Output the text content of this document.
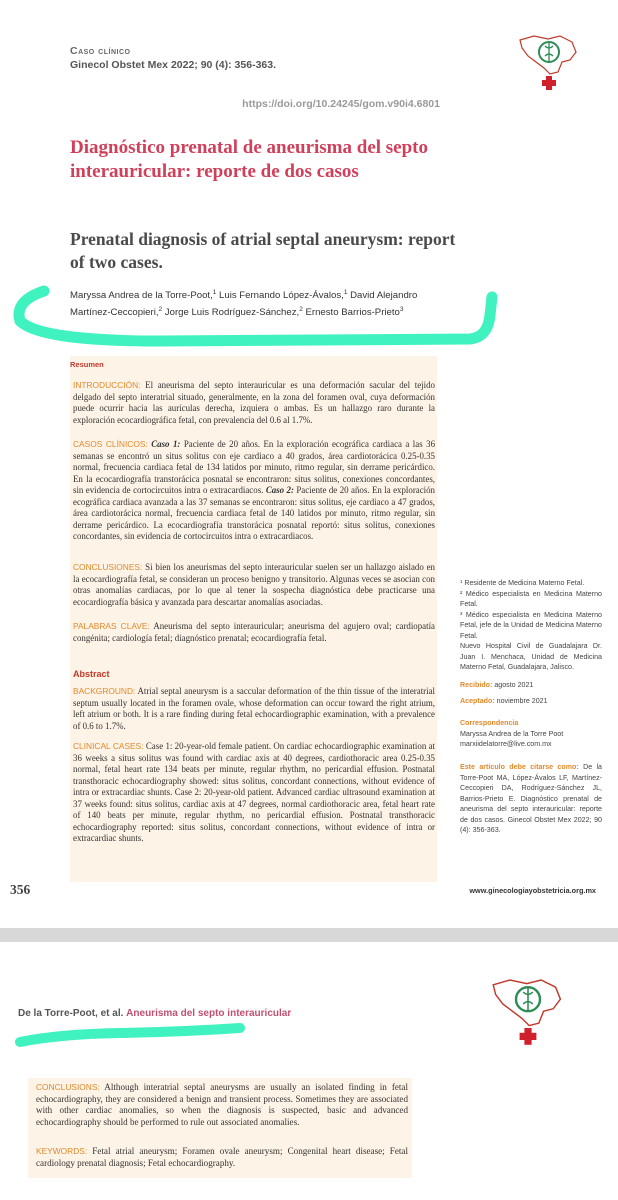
Caso clínico
Ginecol Obstet Mex 2022; 90 (4): 356-363.
https://doi.org/10.24245/gom.v90i4.6801
Diagnóstico prenatal de aneurisma del septo interauricular: reporte de dos casos
Prenatal diagnosis of atrial septal aneurysm: report of two cases.
Maryssa Andrea de la Torre-Poot,$^1$ Luis Fernando López-Ávalos,$^1$ David Alejandro Martínez-Ceccopieri,$^2$ Jorge Luis Rodríguez-Sánchez,$^2$ Ernesto Barrios-Prieto$^3$
Resumen

INTRODUCCIÓN: El aneurisma del septo interauricular es una deformación sacular del tejido delgado del septo interatrial situado, generalmente, en la zona del foramen oval, cuya deformación puede ocurrir hacia las aurículas derecha, izquiera o ambas. Es un hallazgo raro durante la exploración ecocardiográfica fetal, con prevalencia del 0.6 al 1.7%.

CASOS CLÍNICOS: Caso 1: Paciente de 20 años. En la exploración ecográfica cardiaca a las 36 semanas se encontró un situs solitus con eje cardiaco a 40 grados, área cardiotorácica 0.25-0.35 normal, frecuencia cardiaca fetal de 134 latidos por minuto, ritmo regular, sin derrame pericárdico. En la ecocardiografía transtorácica posnatal se encontraron: situs solitus, conexiones concordantes, sin evidencia de cortocircuitos intra o extracardiacos. Caso 2: Paciente de 20 años. En la exploración ecográfica cardiaca avanzada a las 37 semanas se encontraron: situs solitus, eje cardiaco a 47 grados, área cardiotorácica normal, frecuencia cardiaca fetal de 140 latidos por minuto, ritmo regular, sin derrame pericárdico. La ecocardiografía transtorácica posnatal reportó: situs solitus, conexiones concordantes, sin evidencia de cortocircuitos intra o extracardiacos.

CONCLUSIONES: Si bien los aneurismas del septo interauricular suelen ser un hallazgo aislado en la ecocardiografía fetal, se consideran un proceso benigno y transitorio. Algunas veces se asocian con otras anomalías cardiacas, por lo que al tener la sospecha diagnóstica debe practicarse una ecocardiografía básica y avanzada para descartar anomalías asociadas.

PALABRAS CLAVE: Aneurisma del septo interauricular; aneurisma del agujero oval; cardiopatía congénita; cardiología fetal; diagnóstico prenatal; ecocardiografía fetal.

Abstract

BACKGROUND: Atrial septal aneurysm is a saccular deformation of the thin tissue of the interatrial septum usually located in the foramen ovale, whose deformation can occur toward the right atrium, left atrium or both. It is a rare finding during fetal echocardiographic examination, with a prevalence of 0.6 to 1.7%.

CLINICAL CASES: Case 1: 20-year-old female patient. On cardiac echocardiographic examination at 36 weeks a situs solitus was found with cardiac axis at 40 degrees, cardiothoracic area 0.25-0.35 normal, fetal heart rate 134 beats per minute, regular rhythm, no pericardial effusion. Postnatal transthoracic echocardiography showed: situs solitus, concordant connections, without evidence of intra or extracardiac shunts. Case 2: 20-year-old patient. Advanced cardiac ultrasound examination at 37 weeks found: situs solitus, cardiac axis at 47 degrees, normal cardiothoracic area, fetal heart rate of 140 beats per minute, regular rhythm, no pericardial effusion. Postnatal transthoracic echocardiography reported: situs solitus, concordant connections, without evidence of intra or extracardiac shunts.

¹ Residente de Medicina Materno Fetal.
² Médico especialista en Medicina Materno Fetal.
³ Médico especialista en Medicina Materno Fetal, jefe de la Unidad de Medicina Materno Fetal.
Nuevo Hospital Civil de Guadalajara Dr. Juan I. Menchaca, Unidad de Medicina Materno Fetal, Guadalajara, Jalisco.
Recibido: agosto 2021
Aceptado: noviembre 2021
Correspondencia
Maryssa Andrea de la Torre Poot
marxiidelatorre@live.com.mx
Este artículo debe citarse como: De la Torre-Poot MA, López-Ávalos LF, Martínez-Ceccopieri DA, Rodríguez-Sánchez JL, Barrios-Prieto E. Diagnóstico prenatal de aneurisma del septo interauricular: reporte de dos casos. Ginecol Obstet Mex 2022; 90 (4): 356-363.
356	www.ginecologiayobstetricia.org.mx
De la Torre-Poot, et al. Aneurisma del septo interauricular

CONCLUSIONS: Although interatrial septal aneurysms are usually an isolated finding in fetal echocardiography, they are considered a benign and transient process. Sometimes they are associated with other cardiac anomalies, so when the diagnosis is suspected, basic and advanced echocardiography should be performed to rule out associated anomalies.

KEYWORDS: Fetal atrial aneurysm; Foramen ovale aneurysm; Congenital heart disease; Fetal cardiology prenatal diagnosis; Fetal echocardiography.
